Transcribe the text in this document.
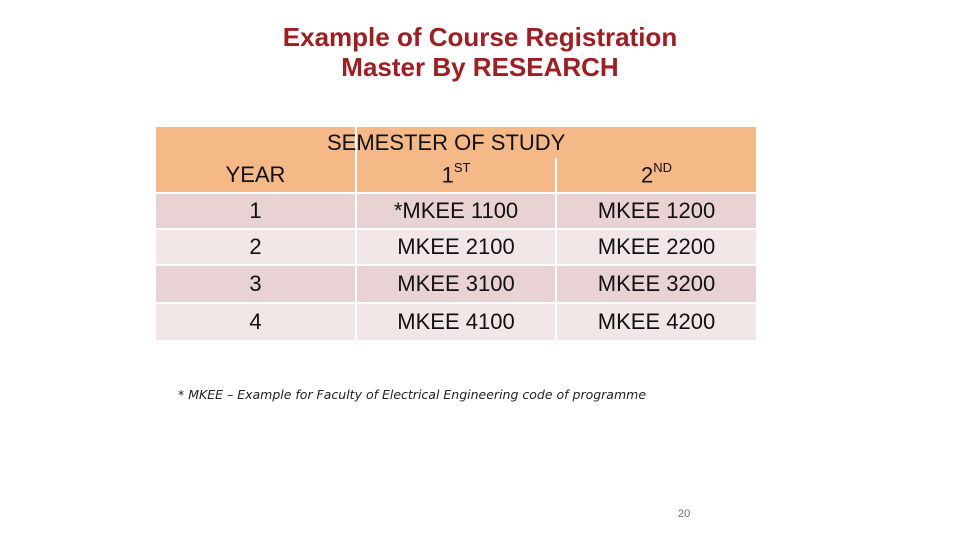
Example of Course Registration
Master By RESEARCH
	SEMESTER OF STUDY	
YEAR	1ST	2ND
1	*MKEE 1100	MKEE 1200
2	MKEE 2100	MKEE 2200
3	MKEE 3100	MKEE 3200
4	MKEE 4100	MKEE 4200
* MKEE – Example for Faculty of Electrical Engineering code of programme
20
